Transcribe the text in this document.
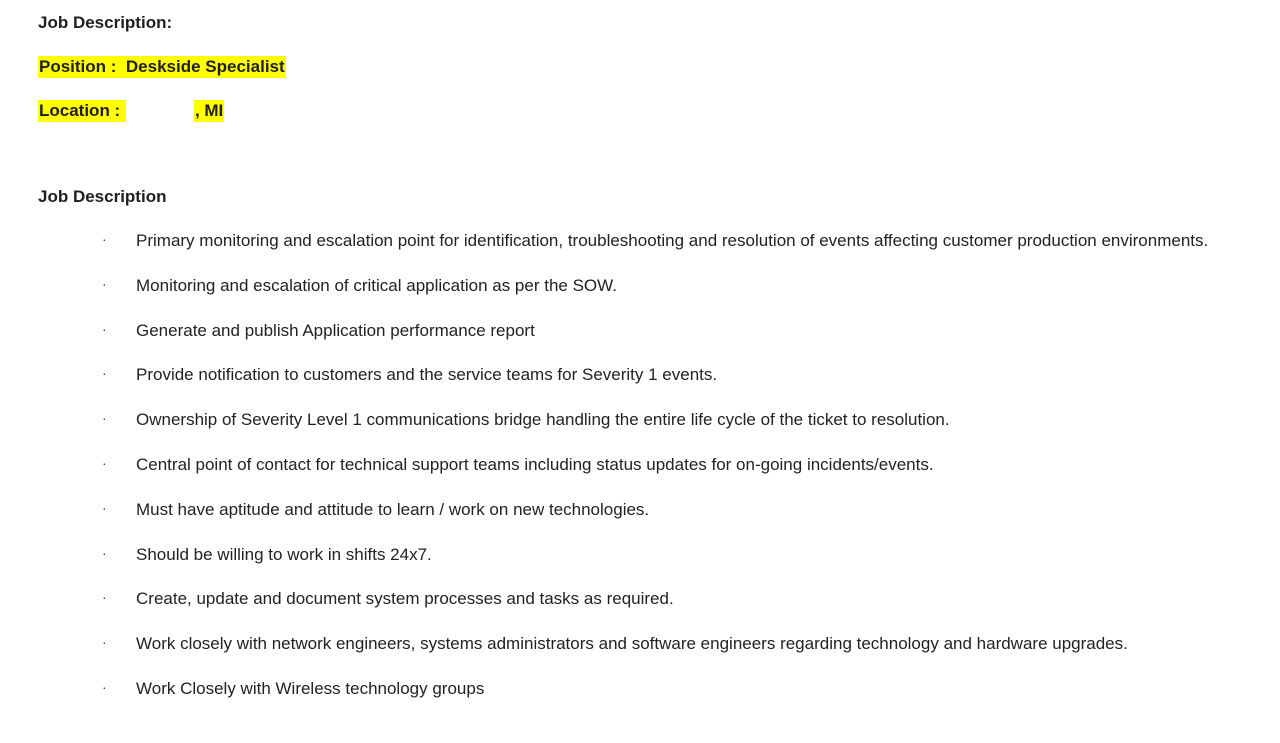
Job Description:
Position : Deskside Specialist
Location :	, MI
Job Description
· Primary monitoring and escalation point for identification, troubleshooting and resolution of events affecting customer production environments.
· Monitoring and escalation of critical application as per the SOW.
· Generate and publish Application performance report
· Provide notification to customers and the service teams for Severity 1 events.
· Ownership of Severity Level 1 communications bridge handling the entire life cycle of the ticket to resolution.
· Central point of contact for technical support teams including status updates for on-going incidents/events.
· Must have aptitude and attitude to learn / work on new technologies.
· Should be willing to work in shifts 24x7.
· Create, update and document system processes and tasks as required.
· Work closely with network engineers, systems administrators and software engineers regarding technology and hardware upgrades.
· Work Closely with Wireless technology groups
